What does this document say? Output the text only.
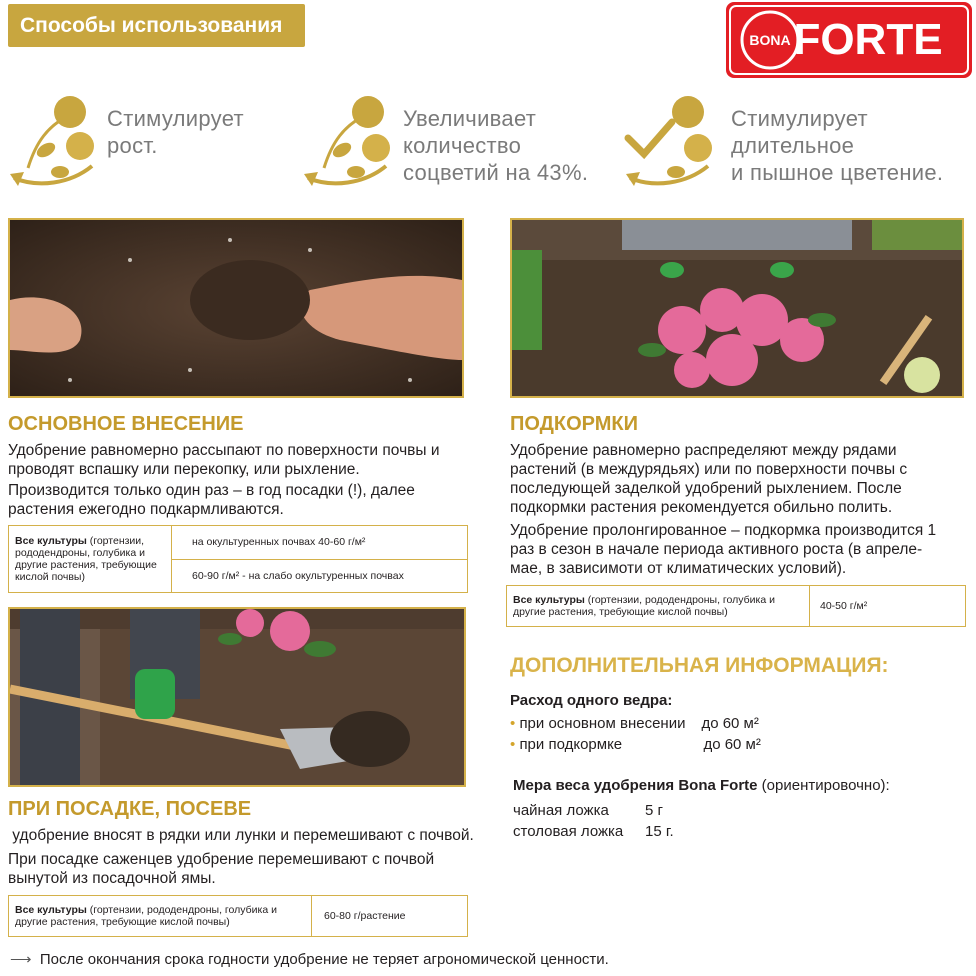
Способы использования
BONA FORTE
Стимулирует
рост.
Увеличивает
количество
соцветий на 43%.
Стимулирует
длительное
и пышное цветение.
ОСНОВНОЕ ВНЕСЕНИЕ
Удобрение равномерно рассыпают по поверхности почвы и проводят вспашку или перекопку, или рыхление.
Производится только один раз – в год посадки (!), далее растения ежегодно подкармливаются.
Все культуры (гортензии, рододендроны, голубика и другие растения, требующие кислой почвы)	на окультуренных почвах 40-60 г/м²
60-90 г/м² - на слабо окультуренных почвах
ПОДКОРМКИ
Удобрение равномерно распределяют между рядами растений (в междурядьях) или по поверхности почвы с последующей заделкой удобрений рыхлением. После подкормки растения рекомендуется обильно полить.
Удобрение пролонгированное – подкормка производится 1 раз в сезон в начале периода активного роста (в апреле-мае, в зависимоти от климатических условий).
Все культуры (гортензии, рододендроны, голубика и другие растения, требующие кислой почвы)	40-50 г/м²
ПРИ ПОСАДКЕ, ПОСЕВЕ
удобрение вносят в рядки или лунки и перемешивают с почвой.
При посадке саженцев удобрение перемешивают с почвой вынутой из посадочной ямы.
Все культуры (гортензии, рододендроны, голубика и другие растения, требующие кислой почвы)	60-80 г/растение
ДОПОЛНИТЕЛЬНАЯ ИНФОРМАЦИЯ:
Расход одного ведра:
• при основном внесении до 60 м²
• при подкормке	до 60 м²
Мера веса удобрения Bona Forte (ориентировочно):
чайная ложка 5 г
столовая ложка 15 г.
⟶ После окончания срока годности удобрение не теряет агрономической ценности.
